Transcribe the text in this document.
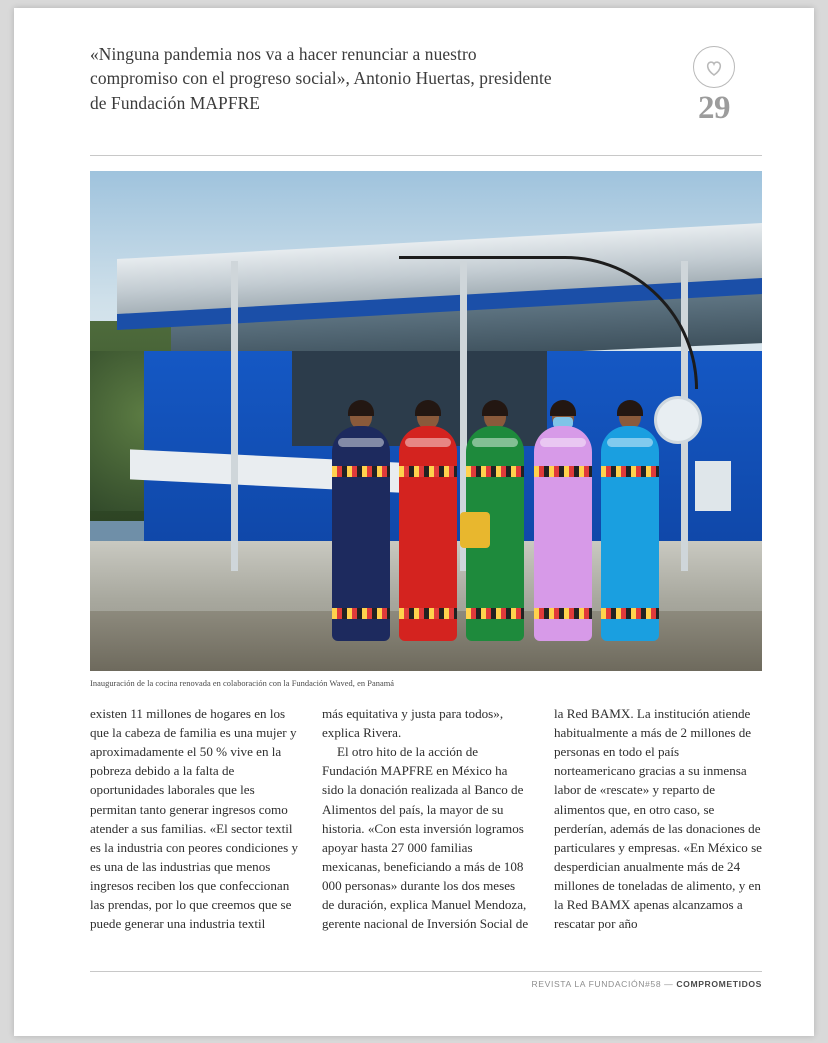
«Ninguna pandemia nos va a hacer renunciar a nuestro compromiso con el progreso social», Antonio Huertas, presidente de Fundación MAPFRE	29
Inauguración de la cocina renovada en colaboración con la Fundación Waved, en Panamá

existen 11 millones de hogares en los que la cabeza de familia es una mujer y aproximadamente el 50 % vive en la pobreza debido a la falta de oportunidades laborales que les permitan tanto generar ingresos como atender a sus familias. «El sector textil es la industria con peores condiciones y es una de las industrias que menos ingresos reciben los que confeccionan las prendas, por lo que creemos que se puede generar una industria textil

más equitativa y justa para todos», explica Rivera.

El otro hito de la acción de Fundación MAPFRE en México ha sido la donación realizada al Banco de Alimentos del país, la mayor de su historia. «Con esta inversión logramos apoyar hasta 27 000 familias mexicanas, beneficiando a más de 108 000 personas» durante los dos meses de duración, explica Manuel Mendoza, gerente nacional de Inversión Social de

la Red BAMX. La institución atiende habitualmente a más de 2 millones de personas en todo el país norteamericano gracias a su inmensa labor de «rescate» y reparto de alimentos que, en otro caso, se perderían, además de las donaciones de particulares y empresas. «En México se desperdician anualmente más de 24 millones de toneladas de alimento, y en la Red BAMX apenas alcanzamos a rescatar por año

REVISTA LA FUNDACIÓN#58 — COMPROMETIDOS
